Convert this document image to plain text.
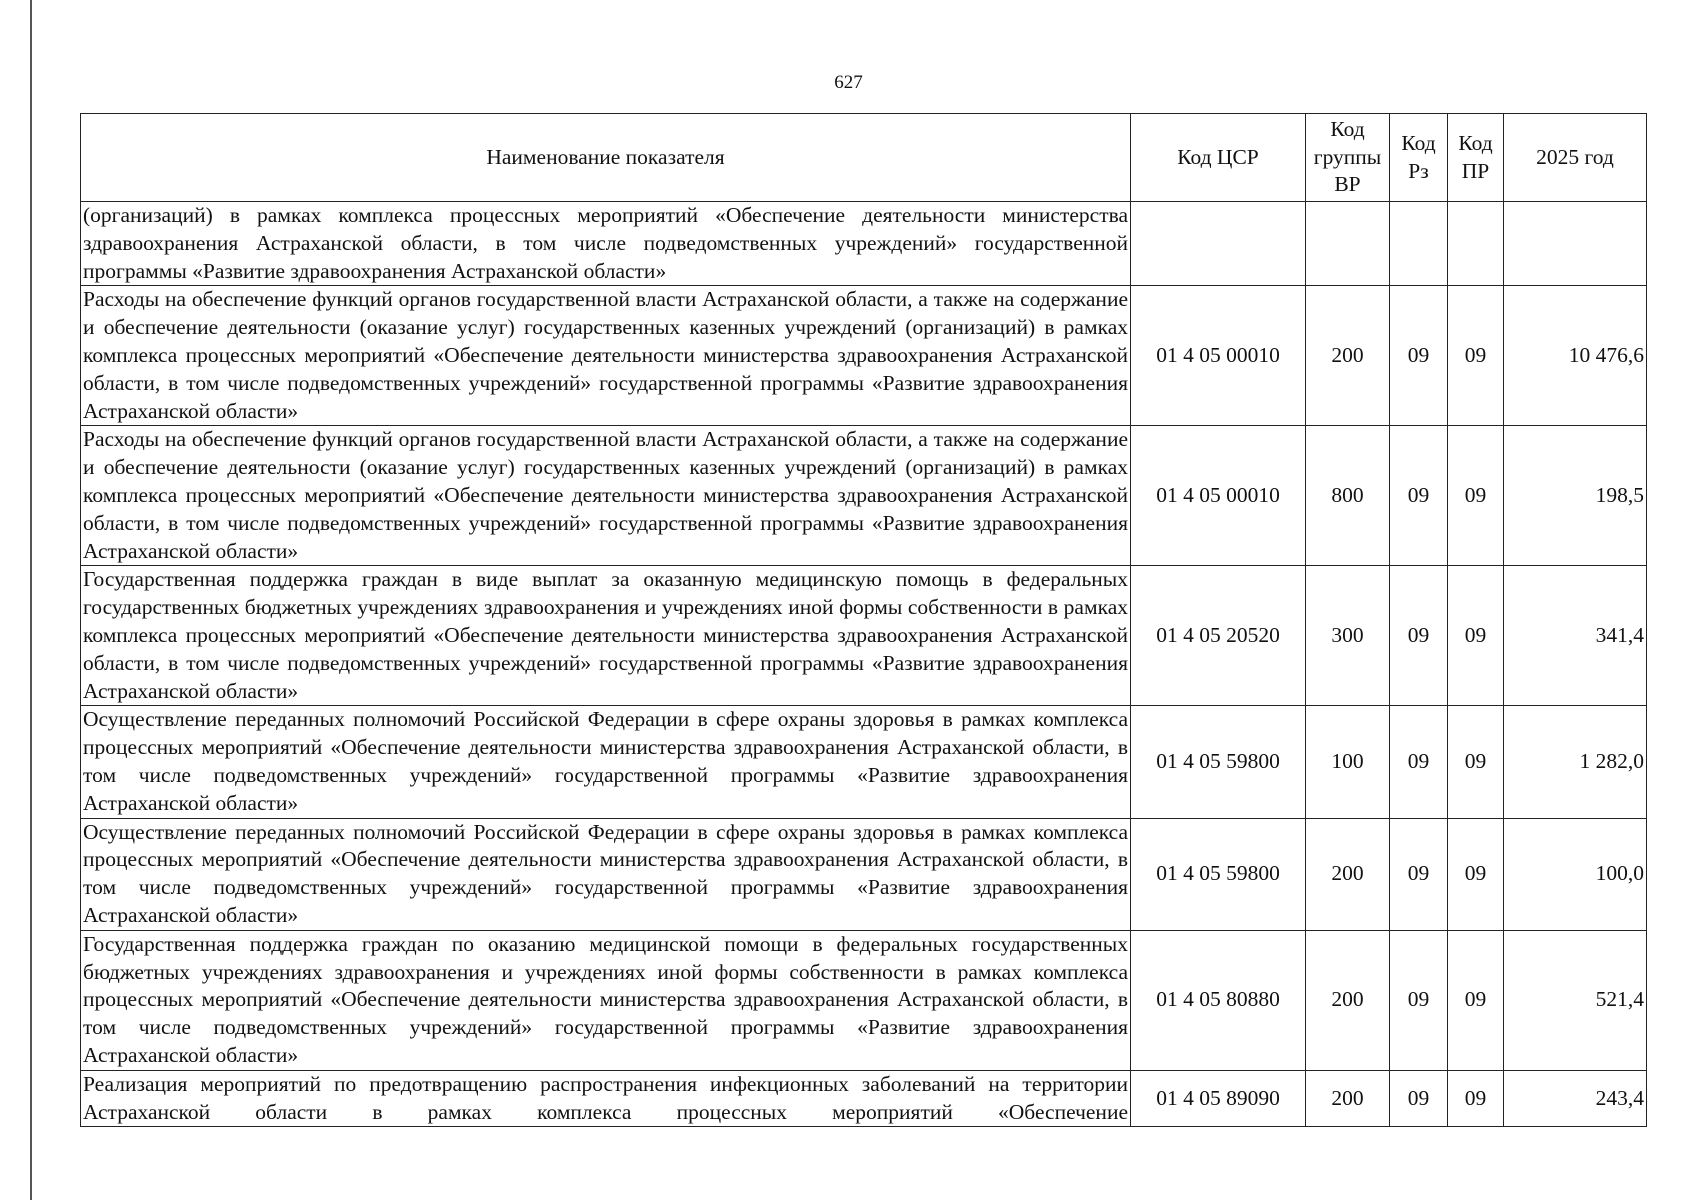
627
Наименование показателя	Код ЦСР	Код группы ВР	Код Рз	Код ПР	2025 год
(организаций) в рамках комплекса процессных мероприятий «Обеспечение деятельности министерства здравоохранения Астраханской области, в том числе подведомственных учреждений» государственной программы «Развитие здравоохранения Астраханской области»					
Расходы на обеспечение функций органов государственной власти Астраханской области, а также на содержание и обеспечение деятельности (оказание услуг) государственных казенных учреждений (организаций) в рамках комплекса процессных мероприятий «Обеспечение деятельности министерства здравоохранения Астраханской области, в том числе подведомственных учреждений» государственной программы «Развитие здравоохранения Астраханской области»	01 4 05 00010	200	09	09	10 476,6
Расходы на обеспечение функций органов государственной власти Астраханской области, а также на содержание и обеспечение деятельности (оказание услуг) государственных казенных учреждений (организаций) в рамках комплекса процессных мероприятий «Обеспечение деятельности министерства здравоохранения Астраханской области, в том числе подведомственных учреждений» государственной программы «Развитие здравоохранения Астраханской области»	01 4 05 00010	800	09	09	198,5
Государственная поддержка граждан в виде выплат за оказанную медицинскую помощь в федеральных государственных бюджетных учреждениях здравоохранения и учреждениях иной формы собственности в рамках комплекса процессных мероприятий «Обеспечение деятельности министерства здравоохранения Астраханской области, в том числе подведомственных учреждений» государственной программы «Развитие здравоохранения Астраханской области»	01 4 05 20520	300	09	09	341,4
Осуществление переданных полномочий Российской Федерации в сфере охраны здоровья в рамках комплекса процессных мероприятий «Обеспечение деятельности министерства здравоохранения Астраханской области, в том числе подведомственных учреждений» государственной программы «Развитие здравоохранения Астраханской области»	01 4 05 59800	100	09	09	1 282,0
Осуществление переданных полномочий Российской Федерации в сфере охраны здоровья в рамках комплекса процессных мероприятий «Обеспечение деятельности министерства здравоохранения Астраханской области, в том числе подведомственных учреждений» государственной программы «Развитие здравоохранения Астраханской области»	01 4 05 59800	200	09	09	100,0
Государственная поддержка граждан по оказанию медицинской помощи в федеральных государственных бюджетных учреждениях здравоохранения и учреждениях иной формы собственности в рамках комплекса процессных мероприятий «Обеспечение деятельности министерства здравоохранения Астраханской области, в том числе подведомственных учреждений» государственной программы «Развитие здравоохранения Астраханской области»	01 4 05 80880	200	09	09	521,4
Реализация мероприятий по предотвращению распространения инфекционных заболеваний на территории Астраханской области в рамках комплекса процессных мероприятий «Обеспечение	01 4 05 89090	200	09	09	243,4
